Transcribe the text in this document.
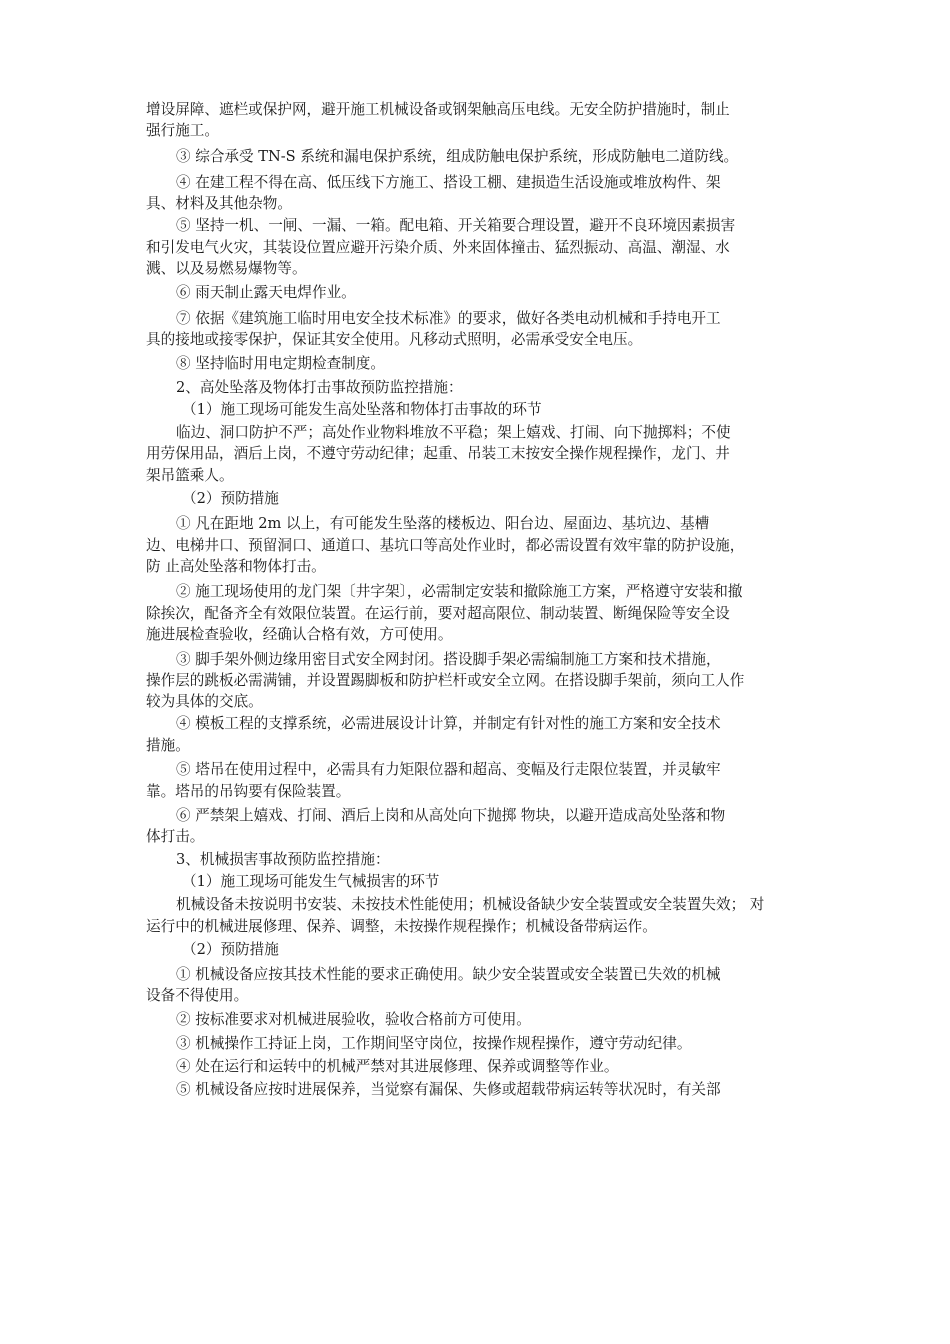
增设屏障、遮栏或保护网，避开施工机械设备或钢架触高压电线。无安全防护措施时，制止
强行施工。
③ 综合承受 TN-S 系统和漏电保护系统，组成防触电保护系统，形成防触电二道防线。
④ 在建工程不得在高、低压线下方施工、搭设工棚、建损造生活设施或堆放构件、架
具、材料及其他杂物。
⑤ 坚持一机、一闸、一漏、一箱。配电箱、开关箱要合理设置，避开不良环境因素损害
和引发电气火灾，其装设位置应避开污染介质、外来固体撞击、猛烈振动、高温、潮湿、水
溅、以及易燃易爆物等。
⑥ 雨天制止露天电焊作业。
⑦ 依据《建筑施工临时用电安全技术标准》的要求，做好各类电动机械和手持电开工
具的接地或接零保护，保证其安全使用。凡移动式照明，必需承受安全电压。
⑧ 坚持临时用电定期检查制度。
2、高处坠落及物体打击事故预防监控措施：
（1）施工现场可能发生高处坠落和物体打击事故的环节
临边、洞口防护不严；高处作业物料堆放不平稳；架上嬉戏、打闹、向下抛掷料；不使
用劳保用品，酒后上岗，不遵守劳动纪律；起重、吊装工末按安全操作规程操作，龙门、井
架吊篮乘人。
（2）预防措施
① 凡在距地 2m 以上，有可能发生坠落的楼板边、阳台边、屋面边、基坑边、基槽
边、电梯井口、预留洞口、通道口、基坑口等高处作业时，都必需设置有效牢靠的防护设施，
防 止高处坠落和物体打击。
② 施工现场使用的龙门架〔井字架〕，必需制定安装和撤除施工方案，严格遵守安装和撤
除挨次，配备齐全有效限位装置。在运行前，要对超高限位、制动装置、断绳保险等安全设
施进展检查验收，经确认合格有效，方可使用。
③ 脚手架外侧边缘用密目式安全网封闭。搭设脚手架必需编制施工方案和技术措施，
操作层的跳板必需满铺，并设置踢脚板和防护栏杆或安全立网。在搭设脚手架前，须向工人作
较为具体的交底。
④ 模板工程的支撑系统，必需进展设计计算，并制定有针对性的施工方案和安全技术
措施。
⑤ 塔吊在使用过程中，必需具有力矩限位器和超高、变幅及行走限位装置，并灵敏牢
靠。塔吊的吊钩要有保险装置。
⑥ 严禁架上嬉戏、打闹、酒后上岗和从高处向下抛掷 物块，以避开造成高处坠落和物
体打击。
3、机械损害事故预防监控措施：
（1）施工现场可能发生气械损害的环节
机械设备未按说明书安装、未按技术性能使用；机械设备缺少安全装置或安全装置失效； 对
运行中的机械进展修理、保养、调整，未按操作规程操作；机械设备带病运作。
（2）预防措施
① 机械设备应按其技术性能的要求正确使用。缺少安全装置或安全装置已失效的机械
设备不得使用。
② 按标准要求对机械进展验收，验收合格前方可使用。
③ 机械操作工持证上岗，工作期间坚守岗位，按操作规程操作，遵守劳动纪律。
④ 处在运行和运转中的机械严禁对其进展修理、保养或调整等作业。
⑤ 机械设备应按时进展保养，当觉察有漏保、失修或超载带病运转等状况时，有关部
